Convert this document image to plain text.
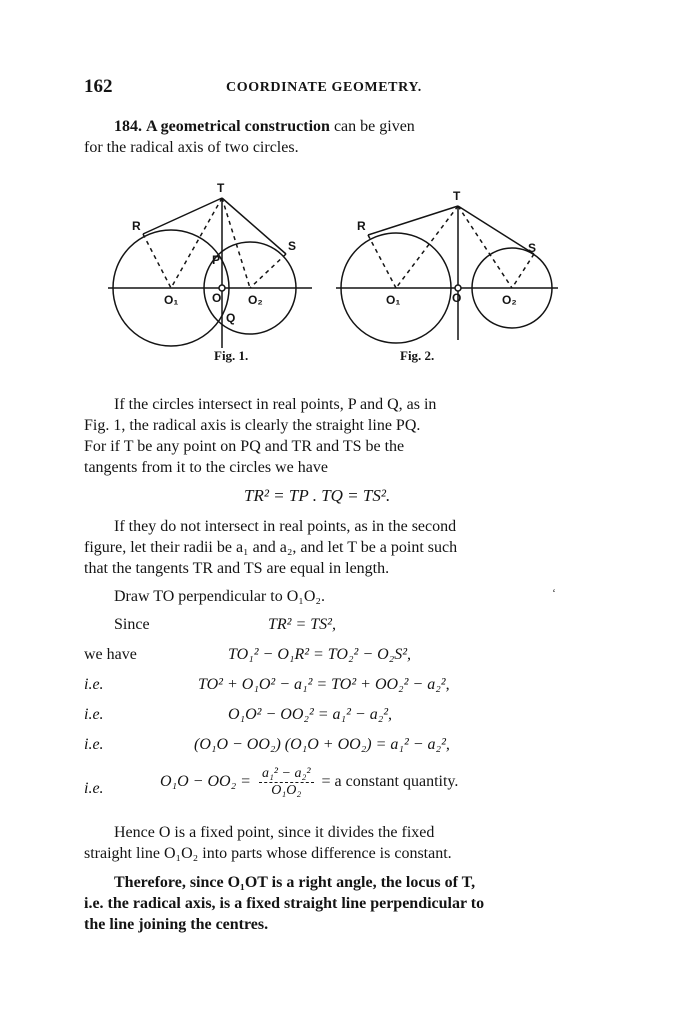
162	COORDINATE GEOMETRY.
184. A geometrical construction can be given
for the radical axis of two circles.
T
R
S
P
O
Q
O₁	O₂
T
R
S
O
O₁	O₂
Fig. 1.	Fig. 2.
If the circles intersect in real points, P and Q, as in
Fig. 1, the radical axis is clearly the straight line PQ.
For if T be any point on PQ and TR and TS be the
tangents from it to the circles we have
TR² = TP . TQ = TS².
If they do not intersect in real points, as in the second
figure, let their radii be a₁ and a₂, and let T be a point such
that the tangents TR and TS are equal in length.
Draw TO perpendicular to O₁O₂.	‘
Since	TR² = TS²,
we have	TO₁² − O₁R² = TO₂² − O₂S²,
i.e.	TO² + O₁O² − a₁² = TO² + OO₂² − a₂²,
i.e.	O₁O² − OO₂² = a₁² − a₂²,
i.e.	(O₁O − OO₂) (O₁O + OO₂) = a₁² − a₂²,
i.e.	$O_1O - OO_2 = \frac{\text{a₁² − a₂²}}{\text{O₁O₂}} = a$ constant quantity.
Hence O is a fixed point, since it divides the fixed
straight line O₁O₂ into parts whose difference is constant.
Therefore, since O₁OT is a right angle, the locus of T,
i.e. the radical axis, is a fixed straight line perpendicular to
the line joining the centres.
